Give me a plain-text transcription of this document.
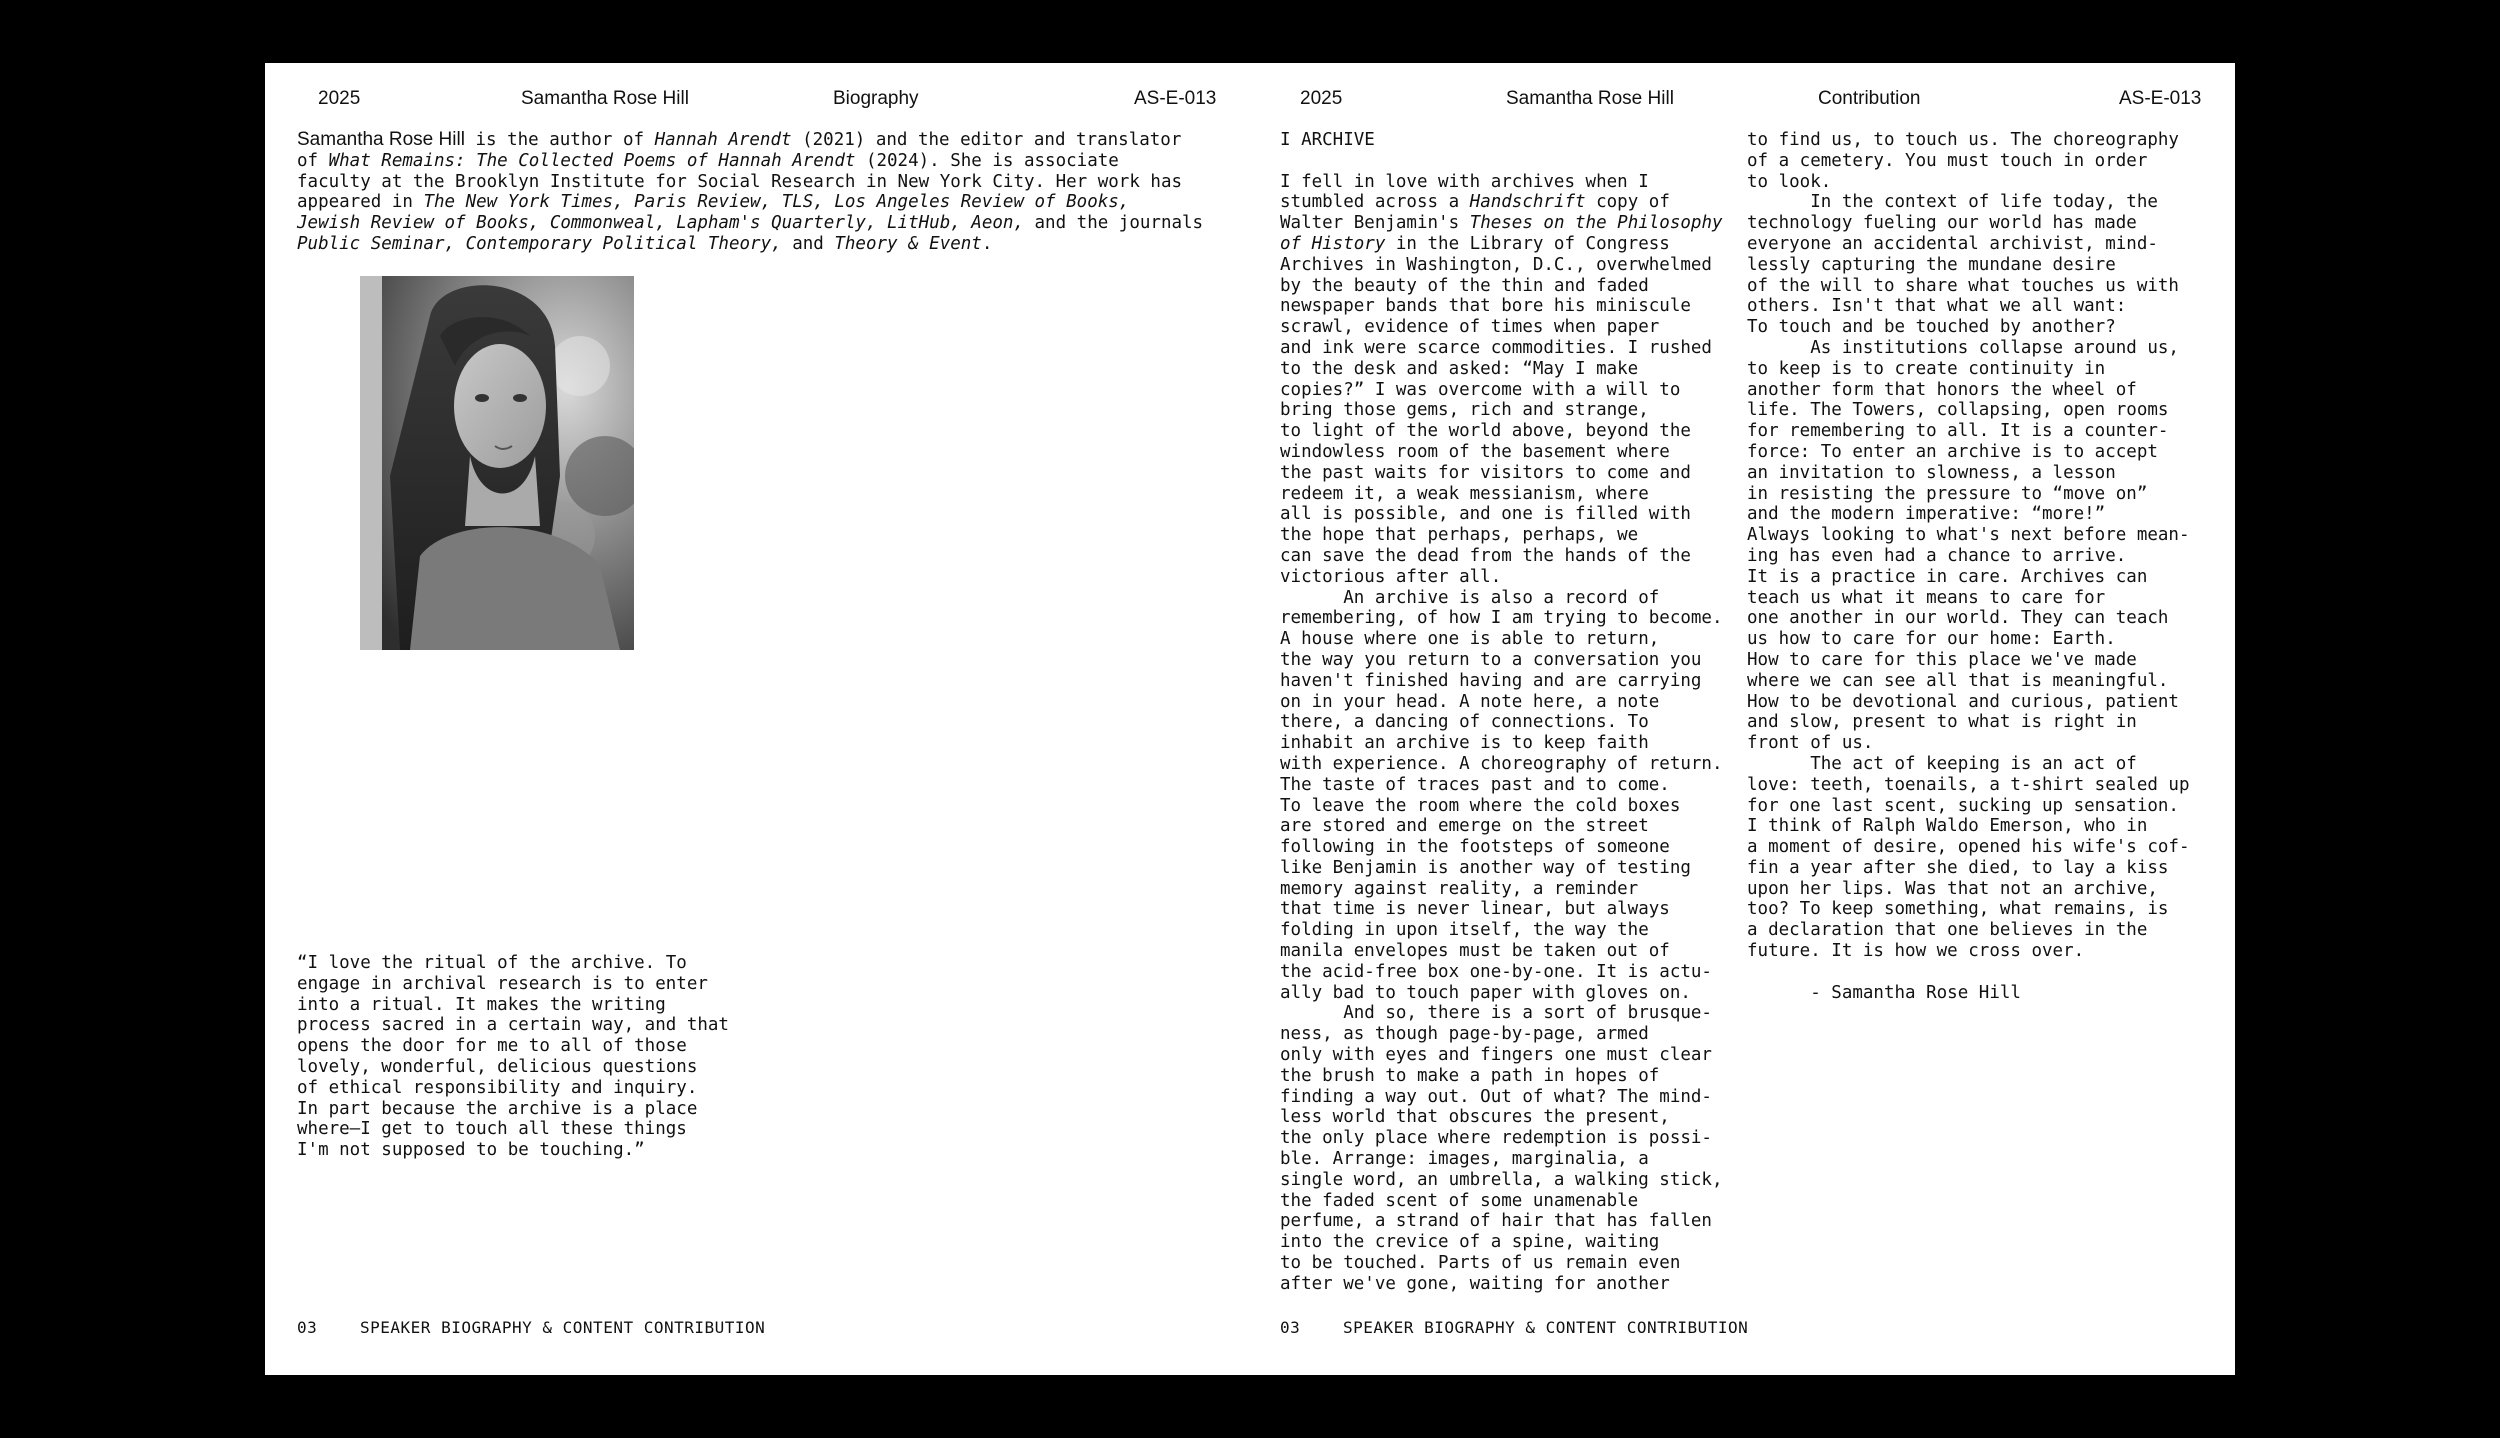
2025	Samantha Rose Hill	Biography	AS-E-013
Samantha Rose Hill is the author of Hannah Arendt (2021) and the editor and translator
of What Remains: The Collected Poems of Hannah Arendt (2024). She is associate
faculty at the Brooklyn Institute for Social Research in New York City. Her work has
appeared in The New York Times, Paris Review, TLS, Los Angeles Review of Books,
Jewish Review of Books, Commonweal, Lapham's Quarterly, LitHub, Aeon, and the journals
Public Seminar, Contemporary Political Theory, and Theory & Event.
“I love the ritual of the archive. To
engage in archival research is to enter
into a ritual. It makes the writing
process sacred in a certain way, and that
opens the door for me to all of those
lovely, wonderful, delicious questions
of ethical responsibility and inquiry.
In part because the archive is a place
where—I get to touch all these things
I'm not supposed to be touching.”
03	SPEAKER BIOGRAPHY & CONTENT CONTRIBUTION
2025	Samantha Rose Hill	Contribution	AS-E-013
I ARCHIVE

I fell in love with archives when I
stumbled across a Handschrift copy of
Walter Benjamin's Theses on the Philosophy
of History in the Library of Congress
Archives in Washington, D.C., overwhelmed
by the beauty of the thin and faded
newspaper bands that bore his miniscule
scrawl, evidence of times when paper
and ink were scarce commodities. I rushed
to the desk and asked: “May I make
copies?” I was overcome with a will to
bring those gems, rich and strange,
to light of the world above, beyond the
windowless room of the basement where
the past waits for visitors to come and
redeem it, a weak messianism, where
all is possible, and one is filled with
the hope that perhaps, perhaps, we
can save the dead from the hands of the
victorious after all.
An archive is also a record of
remembering, of how I am trying to become.
A house where one is able to return,
the way you return to a conversation you
haven't finished having and are carrying
on in your head. A note here, a note
there, a dancing of connections. To
inhabit an archive is to keep faith
with experience. A choreography of return.
The taste of traces past and to come.
To leave the room where the cold boxes
are stored and emerge on the street
following in the footsteps of someone
like Benjamin is another way of testing
memory against reality, a reminder
that time is never linear, but always
folding in upon itself, the way the
manila envelopes must be taken out of
the acid-free box one-by-one. It is actu-
ally bad to touch paper with gloves on.
And so, there is a sort of brusque-
ness, as though page-by-page, armed
only with eyes and fingers one must clear
the brush to make a path in hopes of
finding a way out. Out of what? The mind-
less world that obscures the present,
the only place where redemption is possi-
ble. Arrange: images, marginalia, a
single word, an umbrella, a walking stick,
the faded scent of some unamenable
perfume, a strand of hair that has fallen
into the crevice of a spine, waiting
to be touched. Parts of us remain even
after we've gone, waiting for another
to find us, to touch us. The choreography
of a cemetery. You must touch in order
to look.
In the context of life today, the
technology fueling our world has made
everyone an accidental archivist, mind-
lessly capturing the mundane desire
of the will to share what touches us with
others. Isn't that what we all want:
To touch and be touched by another?
As institutions collapse around us,
to keep is to create continuity in
another form that honors the wheel of
life. The Towers, collapsing, open rooms
for remembering to all. It is a counter-
force: To enter an archive is to accept
an invitation to slowness, a lesson
in resisting the pressure to “move on”
and the modern imperative: “more!”
Always looking to what's next before mean-
ing has even had a chance to arrive.
It is a practice in care. Archives can
teach us what it means to care for
one another in our world. They can teach
us how to care for our home: Earth.
How to care for this place we've made
where we can see all that is meaningful.
How to be devotional and curious, patient
and slow, present to what is right in
front of us.
The act of keeping is an act of
love: teeth, toenails, a t-shirt sealed up
for one last scent, sucking up sensation.
I think of Ralph Waldo Emerson, who in
a moment of desire, opened his wife's cof-
fin a year after she died, to lay a kiss
upon her lips. Was that not an archive,
too? To keep something, what remains, is
a declaration that one believes in the
future. It is how we cross over.

- Samantha Rose Hill
03	SPEAKER BIOGRAPHY & CONTENT CONTRIBUTION
